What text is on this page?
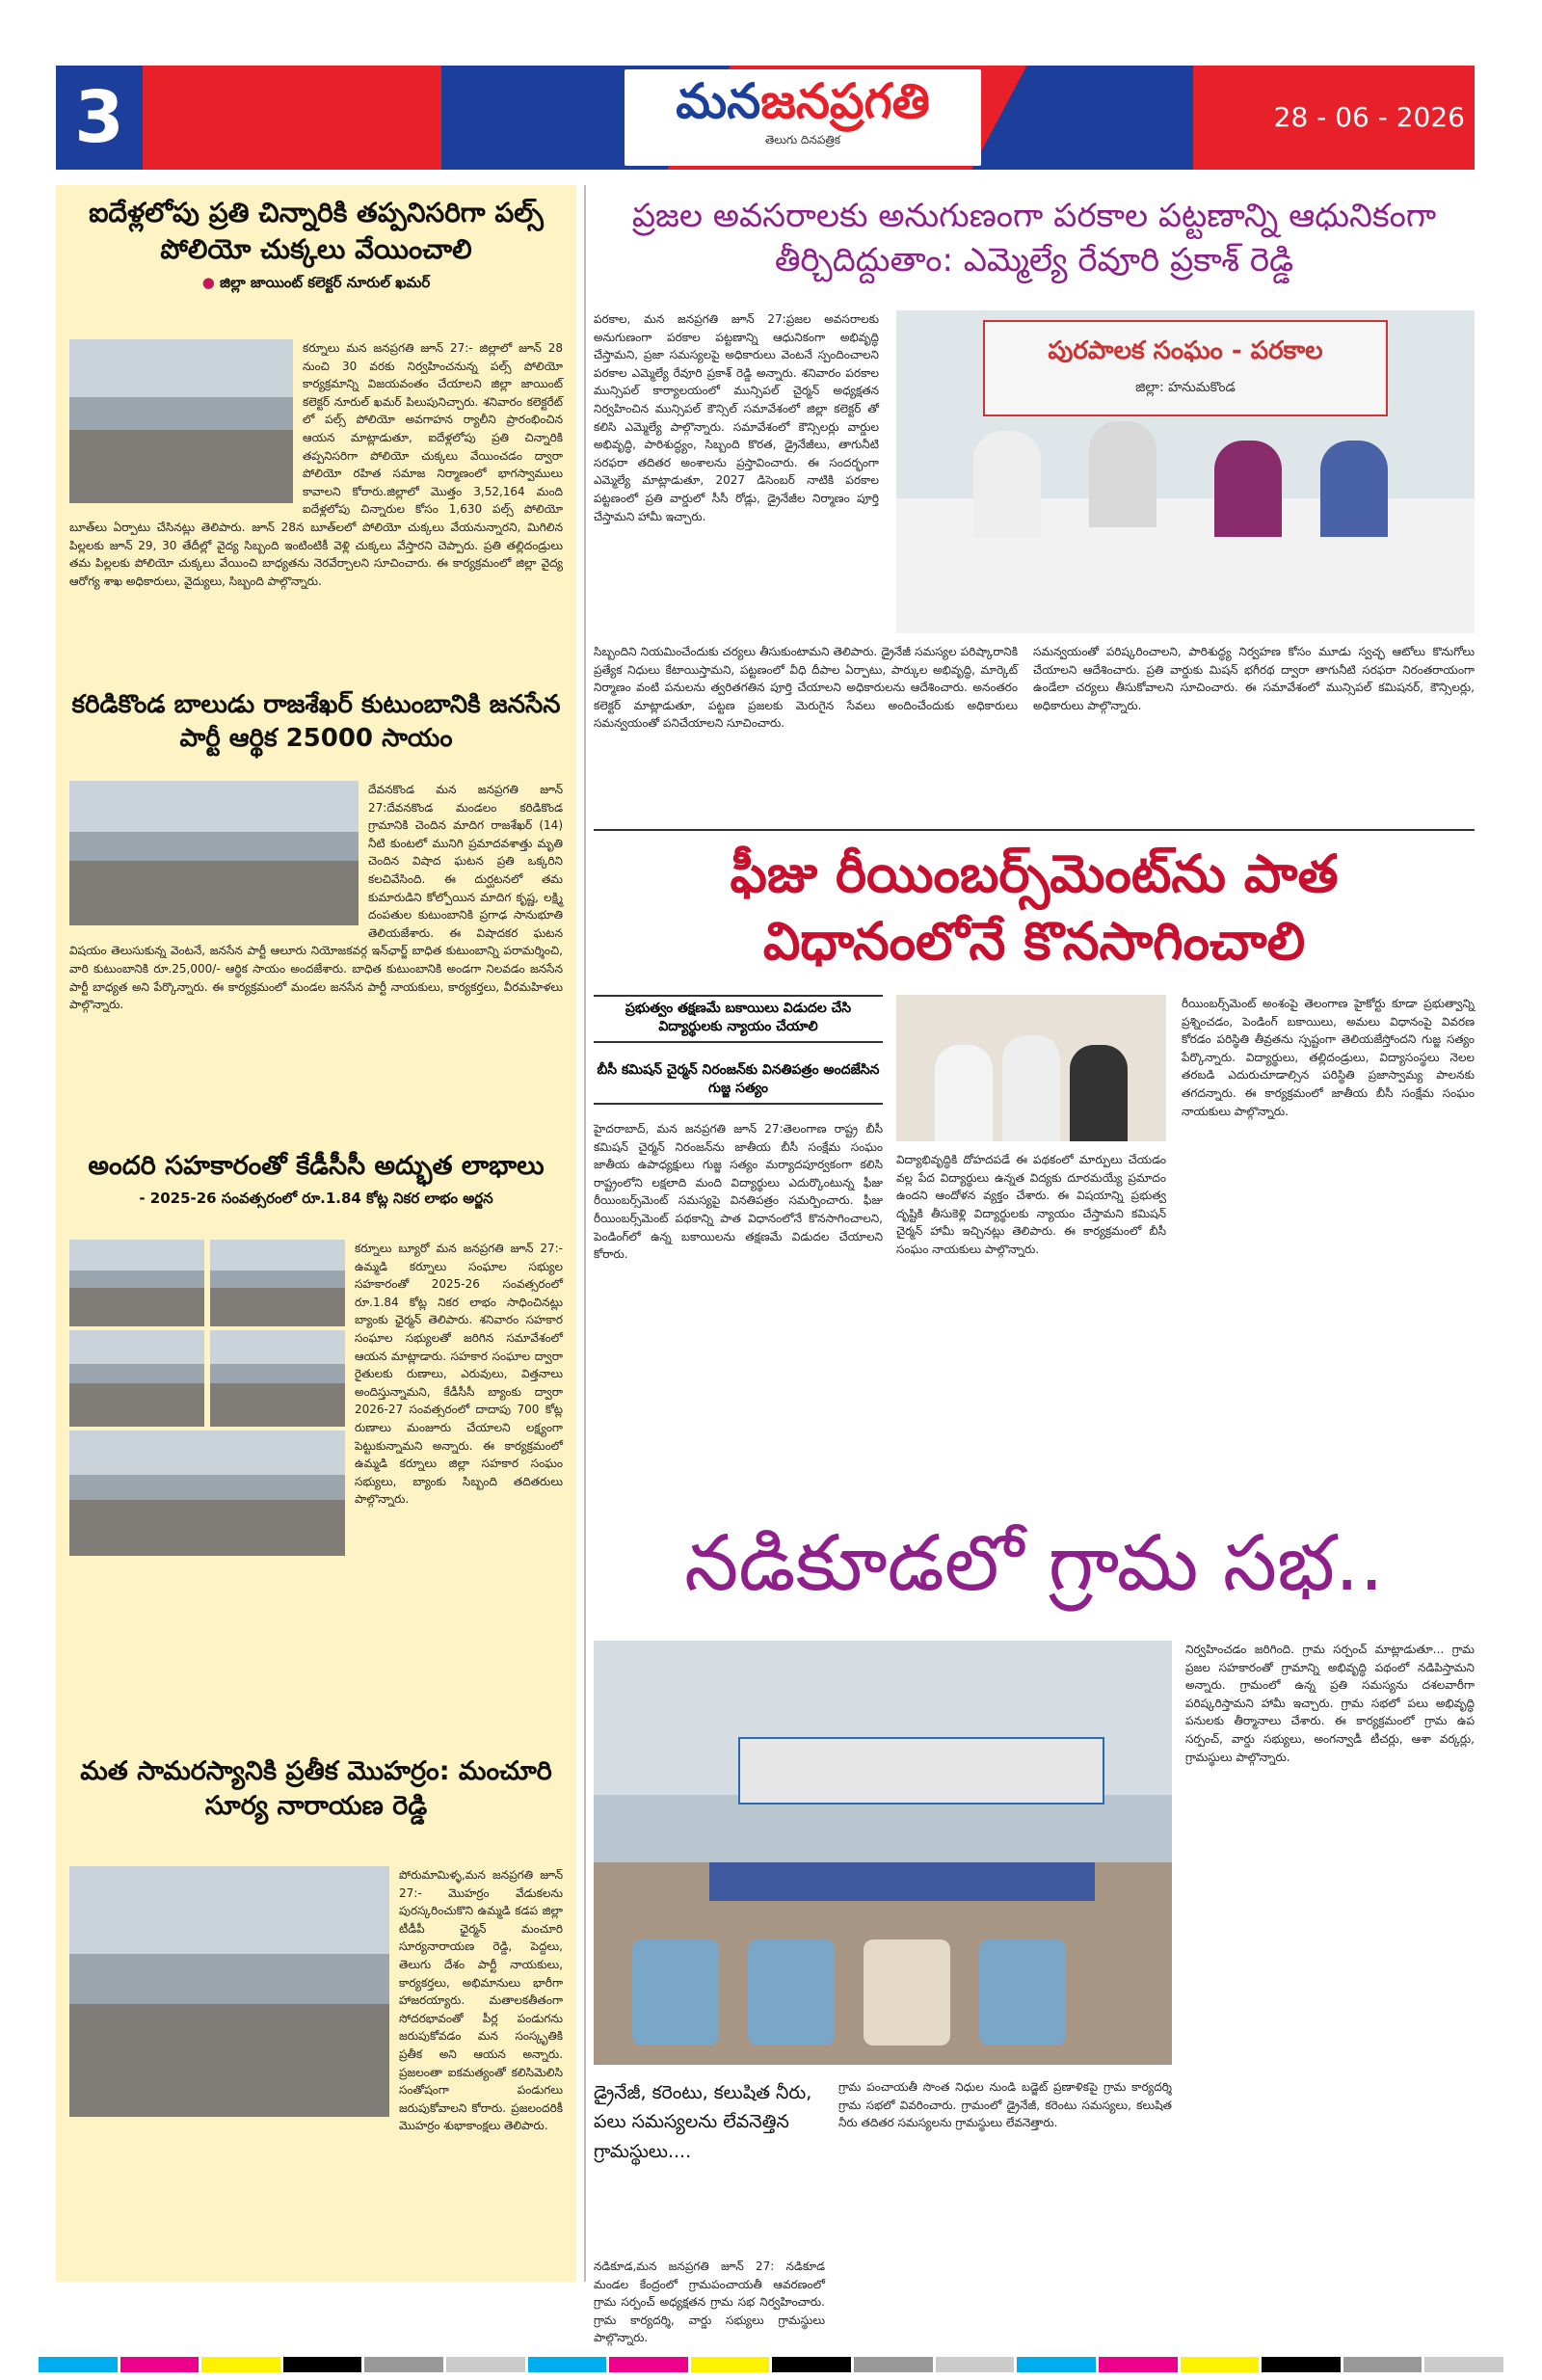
3	మనజనప్రగతి
తెలుగు దినపత్రిక
28 - 06 - 2026
ఐదేళ్లలోపు ప్రతి చిన్నారికి తప్పనిసరిగా పల్స్ పోలియో చుక్కలు వేయించాలి
● జిల్లా జాయింట్ కలెక్టర్ నూరుల్ ఖమర్
కర్నూలు మన జనప్రగతి జూన్ 27:- జిల్లాలో జూన్ 28 నుంచి 30 వరకు నిర్వహించనున్న పల్స్ పోలియో కార్యక్రమాన్ని విజయవంతం చేయాలని జిల్లా జాయింట్ కలెక్టర్ నూరుల్ ఖమర్ పిలుపునిచ్చారు. శనివారం కలెక్టరేట్ లో పల్స్ పోలియో అవగాహన ర్యాలీని ప్రారంభించిన ఆయన మాట్లాడుతూ, ఐదేళ్లలోపు ప్రతి చిన్నారికి తప్పనిసరిగా పోలియో చుక్కలు వేయించడం ద్వారా పోలియో రహిత సమాజ నిర్మాణంలో భాగస్వాములు కావాలని కోరారు.జిల్లాలో మొత్తం 3,52,164 మంది ఐదేళ్లలోపు చిన్నారుల కోసం 1,630 పల్స్ పోలియో బూత్‌లు ఏర్పాటు చేసినట్లు తెలిపారు. జూన్ 28న బూత్‌లలో పోలియో చుక్కలు వేయనున్నారని, మిగిలిన పిల్లలకు జూన్ 29, 30 తేదీల్లో వైద్య సిబ్బంది ఇంటింటికీ వెళ్లి చుక్కలు వేస్తారని చెప్పారు. ప్రతి తల్లిదండ్రులు తమ పిల్లలకు పోలియో చుక్కలు వేయించి బాధ్యతను నెరవేర్చాలని సూచించారు. ఈ కార్యక్రమంలో జిల్లా వైద్య ఆరోగ్య శాఖ అధికారులు, వైద్యులు, సిబ్బంది పాల్గొన్నారు.
కరిడికొండ బాలుడు రాజశేఖర్ కుటుంబానికి జనసేన పార్టీ ఆర్థిక 25000 సాయం
దేవనకొండ మన జనప్రగతి జూన్ 27:దేవనకొండ మండలం కరిడికొండ గ్రామానికి చెందిన మాదిగ రాజశేఖర్ (14) నీటి కుంటలో మునిగి ప్రమాదవశాత్తు మృతి చెందిన విషాద ఘటన ప్రతి ఒక్కరిని కలచివేసింది. ఈ దుర్ఘటనలో తమ కుమారుడిని కోల్పోయిన మాదిగ కృష్ణ, లక్ష్మి దంపతుల కుటుంబానికి ప్రగాఢ సానుభూతి తెలియజేశారు. ఈ విషాదకర ఘటన విషయం తెలుసుకున్న వెంటనే, జనసేన పార్టీ ఆలూరు నియోజకవర్గ ఇన్‌ఛార్జ్ బాధిత కుటుంబాన్ని పరామర్శించి, వారి కుటుంబానికి రూ.25,000/- ఆర్థిక సాయం అందజేశారు. బాధిత కుటుంబానికి అండగా నిలవడం జనసేన పార్టీ బాధ్యత అని పేర్కొన్నారు. ఈ కార్యక్రమంలో మండల జనసేన పార్టీ నాయకులు, కార్యకర్తలు, వీరమహిళలు పాల్గొన్నారు.
అందరి సహకారంతో కేడీసీసీ అద్భుత లాభాలు
- 2025-26 సంవత్సరంలో రూ.1.84 కోట్ల నికర లాభం అర్జన
కర్నూలు బ్యూరో మన జనప్రగతి జూన్ 27:- ఉమ్మడి కర్నూలు సంఘాల సభ్యుల సహకారంతో 2025-26 సంవత్సరంలో రూ.1.84 కోట్ల నికర లాభం సాధించినట్లు బ్యాంకు ఛైర్మన్ తెలిపారు. శనివారం సహకార సంఘాల సభ్యులతో జరిగిన సమావేశంలో ఆయన మాట్లాడారు. సహకార సంఘాల ద్వారా రైతులకు రుణాలు, ఎరువులు, విత్తనాలు అందిస్తున్నామని, కేడీసీసీ బ్యాంకు ద్వారా 2026-27 సంవత్సరంలో దాదాపు 700 కోట్ల రుణాలు మంజూరు చేయాలని లక్ష్యంగా పెట్టుకున్నామని అన్నారు. ఈ కార్యక్రమంలో ఉమ్మడి కర్నూలు జిల్లా సహకార సంఘం సభ్యులు, బ్యాంకు సిబ్బంది తదితరులు పాల్గొన్నారు.
మత సామరస్యానికి ప్రతీక మొహర్రం: మంచూరి సూర్య నారాయణ రెడ్డి
పోరుమామిళ్ళ,మన జనప్రగతి జూన్ 27:- మొహర్రం వేడుకలను పురస్కరించుకొని ఉమ్మడి కడప జిల్లా టీడీపీ ఛైర్మన్ మంచూరి సూర్యనారాయణ రెడ్డి, పెద్దలు, తెలుగు దేశం పార్టీ నాయకులు, కార్యకర్తలు, అభిమానులు భారీగా హాజరయ్యారు. మతాలకతీతంగా సోదరభావంతో పీర్ల పండుగను జరుపుకోవడం మన సంస్కృతికి ప్రతీక అని ఆయన అన్నారు. ప్రజలంతా ఐకమత్యంతో కలిసిమెలిసి సంతోషంగా పండుగలు జరుపుకోవాలని కోరారు. ప్రజలందరికీ మొహర్రం శుభాకాంక్షలు తెలిపారు.
ప్రజల అవసరాలకు అనుగుణంగా పరకాల పట్టణాన్ని ఆధునికంగా తీర్చిదిద్దుతాం: ఎమ్మెల్యే రేవూరి ప్రకాశ్ రెడ్డి
పరకాల, మన జనప్రగతి జూన్ 27:ప్రజల అవసరాలకు అనుగుణంగా పరకాల పట్టణాన్ని ఆధునికంగా అభివృద్ధి చేస్తామని, ప్రజా సమస్యలపై అధికారులు వెంటనే స్పందించాలని పరకాల ఎమ్మెల్యే రేవూరి ప్రకాశ్ రెడ్డి అన్నారు. శనివారం పరకాల మున్సిపల్ కార్యాలయంలో మున్సిపల్ చైర్మన్ అధ్యక్షతన నిర్వహించిన మున్సిపల్ కౌన్సిల్ సమావేశంలో జిల్లా కలెక్టర్ తో కలిసి ఎమ్మెల్యే పాల్గొన్నారు. సమావేశంలో కౌన్సిలర్లు వార్డుల అభివృద్ధి, పారిశుద్ధ్యం, సిబ్బంది కొరత, డ్రైనేజీలు, తాగునీటి సరఫరా తదితర అంశాలను ప్రస్తావించారు. ఈ సందర్భంగా ఎమ్మెల్యే మాట్లాడుతూ, 2027 డిసెంబర్ నాటికి పరకాల పట్టణంలో ప్రతి వార్డులో సీసీ రోడ్లు, డ్రైనేజీల నిర్మాణం పూర్తి చేస్తామని హామీ ఇచ్చారు.
పురపాలక సంఘం - పరకాల
జిల్లా: హనుమకొండ
సిబ్బందిని నియమించేందుకు చర్యలు తీసుకుంటామని తెలిపారు. డ్రైనేజీ సమస్యల పరిష్కారానికి ప్రత్యేక నిధులు కేటాయిస్తామని, పట్టణంలో వీధి దీపాల ఏర్పాటు, పార్కుల అభివృద్ధి, మార్కెట్ నిర్మాణం వంటి పనులను త్వరితగతిన పూర్తి చేయాలని అధికారులను ఆదేశించారు. అనంతరం కలెక్టర్ మాట్లాడుతూ, పట్టణ ప్రజలకు మెరుగైన సేవలు అందించేందుకు అధికారులు సమన్వయంతో పనిచేయాలని సూచించారు.
సమన్వయంతో పరిష్కరించాలని, పారిశుద్ధ్య నిర్వహణ కోసం మూడు స్వచ్ఛ ఆటోలు కొనుగోలు చేయాలని ఆదేశించారు. ప్రతి వార్డుకు మిషన్ భగీరథ ద్వారా తాగునీటి సరఫరా నిరంతరాయంగా ఉండేలా చర్యలు తీసుకోవాలని సూచించారు. ఈ సమావేశంలో మున్సిపల్ కమిషనర్, కౌన్సిలర్లు, అధికారులు పాల్గొన్నారు.
ఫీజు రీయింబర్స్‌మెంట్‌ను పాత విధానంలోనే కొనసాగించాలి
ప్రభుత్వం తక్షణమే బకాయిలు విడుదల చేసి విద్యార్థులకు న్యాయం చేయాలి
బీసీ కమిషన్ చైర్మన్ నిరంజన్‌కు వినతిపత్రం అందజేసిన గుజ్జ సత్యం
హైదరాబాద్, మన జనప్రగతి జూన్ 27:తెలంగాణ రాష్ట్ర బీసీ కమిషన్ చైర్మన్ నిరంజన్‌ను జాతీయ బీసీ సంక్షేమ సంఘం జాతీయ ఉపాధ్యక్షులు గుజ్జ సత్యం మర్యాదపూర్వకంగా కలిసి రాష్ట్రంలోని లక్షలాది మంది విద్యార్థులు ఎదుర్కొంటున్న ఫీజు రీయింబర్స్‌మెంట్ సమస్యపై వినతిపత్రం సమర్పించారు. ఫీజు రీయింబర్స్‌మెంట్ పథకాన్ని పాత విధానంలోనే కొనసాగించాలని, పెండింగ్‌లో ఉన్న బకాయిలను తక్షణమే విడుదల చేయాలని కోరారు.
విద్యాభివృద్ధికి దోహదపడే ఈ పథకంలో మార్పులు చేయడం వల్ల పేద విద్యార్థులు ఉన్నత విద్యకు దూరమయ్యే ప్రమాదం ఉందని ఆందోళన వ్యక్తం చేశారు. ఈ విషయాన్ని ప్రభుత్వ దృష్టికి తీసుకెళ్లి విద్యార్థులకు న్యాయం చేస్తామని కమిషన్ చైర్మన్ హామీ ఇచ్చినట్లు తెలిపారు. ఈ కార్యక్రమంలో బీసీ సంఘం నాయకులు పాల్గొన్నారు.
రీయింబర్స్‌మెంట్ అంశంపై తెలంగాణ హైకోర్టు కూడా ప్రభుత్వాన్ని ప్రశ్నించడం, పెండింగ్ బకాయిలు, అమలు విధానంపై వివరణ కోరడం పరిస్థితి తీవ్రతను స్పష్టంగా తెలియజేస్తోందని గుజ్జ సత్యం పేర్కొన్నారు. విద్యార్థులు, తల్లిదండ్రులు, విద్యాసంస్థలు నెలల తరబడి ఎదురుచూడాల్సిన పరిస్థితి ప్రజాస్వామ్య పాలనకు తగదన్నారు. ఈ కార్యక్రమంలో జాతీయ బీసీ సంక్షేమ సంఘం నాయకులు పాల్గొన్నారు.
నడికూడలో గ్రామ సభ..
డ్రైనేజీ, కరెంటు, కలుషిత నీరు, పలు సమస్యలను లేవనెత్తిన గ్రామస్థులు....
నడికూడ,మన జనప్రగతి జూన్ 27: నడికూడ మండల కేంద్రంలో గ్రామపంచాయతీ ఆవరణంలో గ్రామ సర్పంచ్ అధ్యక్షతన గ్రామ సభ నిర్వహించారు. గ్రామ కార్యదర్శి, వార్డు సభ్యులు గ్రామస్థులు పాల్గొన్నారు.
గ్రామ పంచాయతీ సొంత నిధుల నుండి బడ్జెట్ ప్రణాళికపై గ్రామ కార్యదర్శి గ్రామ సభలో వివరించారు. గ్రామంలో డ్రైనేజీ, కరెంటు సమస్యలు, కలుషిత నీరు తదితర సమస్యలను గ్రామస్థులు లేవనెత్తారు.
నిర్వహించడం జరిగింది. గ్రామ సర్పంచ్ మాట్లాడుతూ... గ్రామ ప్రజల సహకారంతో గ్రామాన్ని అభివృద్ధి పథంలో నడిపిస్తామని అన్నారు. గ్రామంలో ఉన్న ప్రతి సమస్యను దశలవారీగా పరిష్కరిస్తామని హామీ ఇచ్చారు. గ్రామ సభలో పలు అభివృద్ధి పనులకు తీర్మానాలు చేశారు. ఈ కార్యక్రమంలో గ్రామ ఉప సర్పంచ్, వార్డు సభ్యులు, అంగన్వాడీ టీచర్లు, ఆశా వర్కర్లు, గ్రామస్థులు పాల్గొన్నారు.
